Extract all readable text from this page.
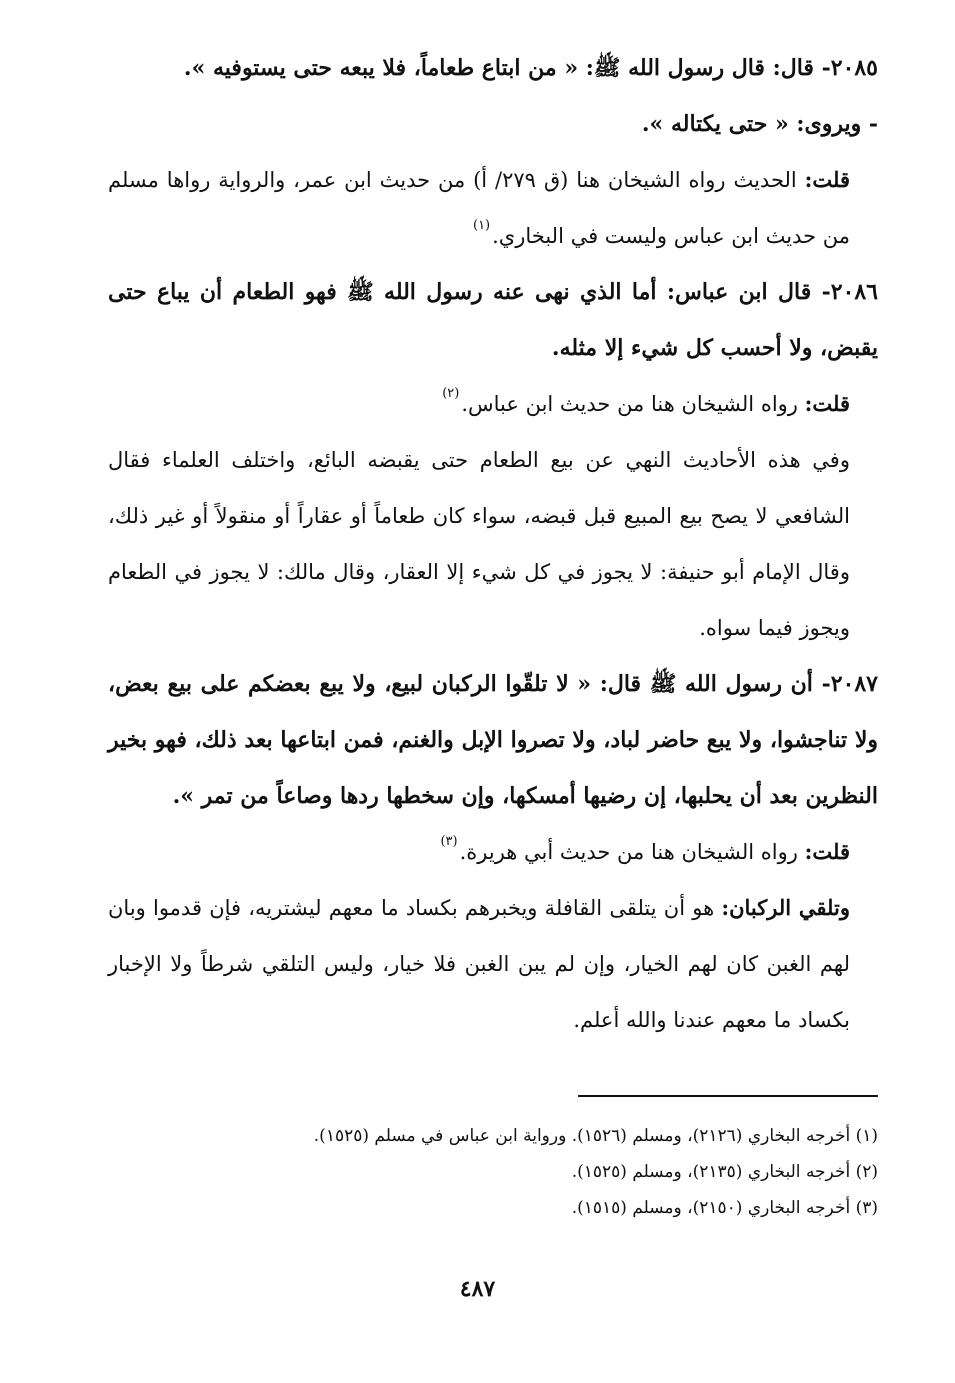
٢٠٨٥- قال: قال رسول الله ﷺ: « من ابتاع طعاماً، فلا يبعه حتى يستوفيه ».

- ويروى: « حتى يكتاله ».

قلت: الحديث رواه الشيخان هنا (ق ٢٧٩/ أ) من حديث ابن عمر، والرواية رواها مسلم من حديث ابن عباس وليست في البخاري.$^{(١)}$

٢٠٨٦- قال ابن عباس: أما الذي نهى عنه رسول الله ﷺ فهو الطعام أن يباع حتى يقبض، ولا أحسب كل شيء إلا مثله.

قلت: رواه الشيخان هنا من حديث ابن عباس.$^{(٢)}$

وفي هذه الأحاديث النهي عن بيع الطعام حتى يقبضه البائع، واختلف العلماء فقال الشافعي لا يصح بيع المبيع قبل قبضه، سواء كان طعاماً أو عقاراً أو منقولاً أو غير ذلك، وقال الإمام أبو حنيفة: لا يجوز في كل شيء إلا العقار، وقال مالك: لا يجوز في الطعام ويجوز فيما سواه.

٢٠٨٧- أن رسول الله ﷺ قال: « لا تلقّوا الركبان لبيع، ولا يبع بعضكم على بيع بعض، ولا تناجشوا، ولا يبع حاضر لباد، ولا تصروا الإبل والغنم، فمن ابتاعها بعد ذلك، فهو بخير النظرين بعد أن يحلبها، إن رضيها أمسكها، وإن سخطها ردها وصاعاً من تمر ».

قلت: رواه الشيخان هنا من حديث أبي هريرة.$^{(٣)}$

وتلقي الركبان: هو أن يتلقى القافلة ويخبرهم بكساد ما معهم ليشتريه، فإن قدموا وبان لهم الغبن كان لهم الخيار، وإن لم يبن الغبن فلا خيار، وليس التلقي شرطاً ولا الإخبار بكساد ما معهم عندنا والله أعلم.

(١) أخرجه البخاري (٢١٢٦)، ومسلم (١٥٢٦). ورواية ابن عباس في مسلم (١٥٢٥).

(٢) أخرجه البخاري (٢١٣٥)، ومسلم (١٥٢٥).

(٣) أخرجه البخاري (٢١٥٠)، ومسلم (١٥١٥).

٤٨٧
